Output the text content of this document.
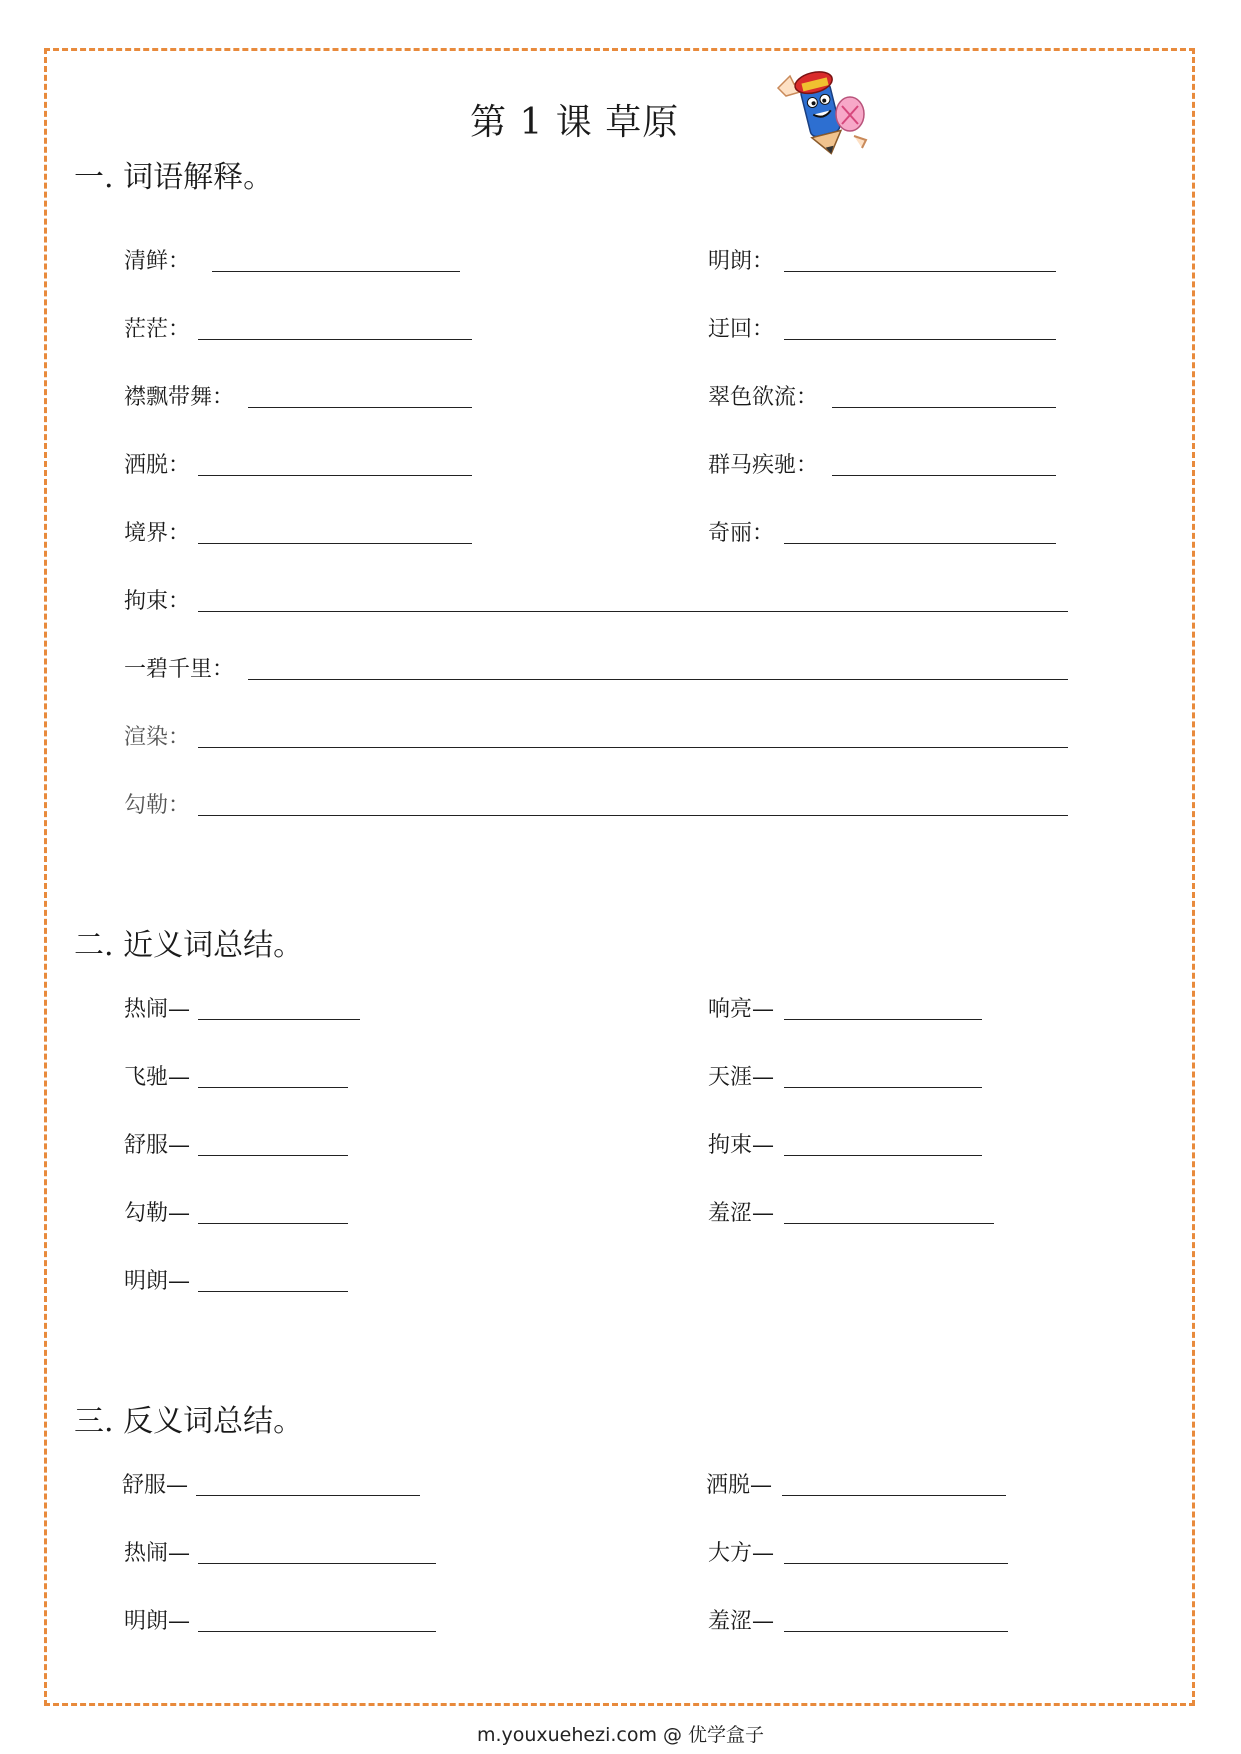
第 1 课 草原
一. 词语解释。
清鲜：	明朗：
茫茫：	迂回：
襟飘带舞：	翠色欲流：
洒脱：	群马疾驰：
境界：	奇丽：
拘束：
一碧千里：
渲染：
勾勒：
二. 近义词总结。
热闹—	响亮—
飞驰—	天涯—
舒服—	拘束—
勾勒—	羞涩—
明朗—
三. 反义词总结。
舒服—	洒脱—
热闹—	大方—
明朗—	羞涩—
m.youxuehezi.com @ 优学盒子
